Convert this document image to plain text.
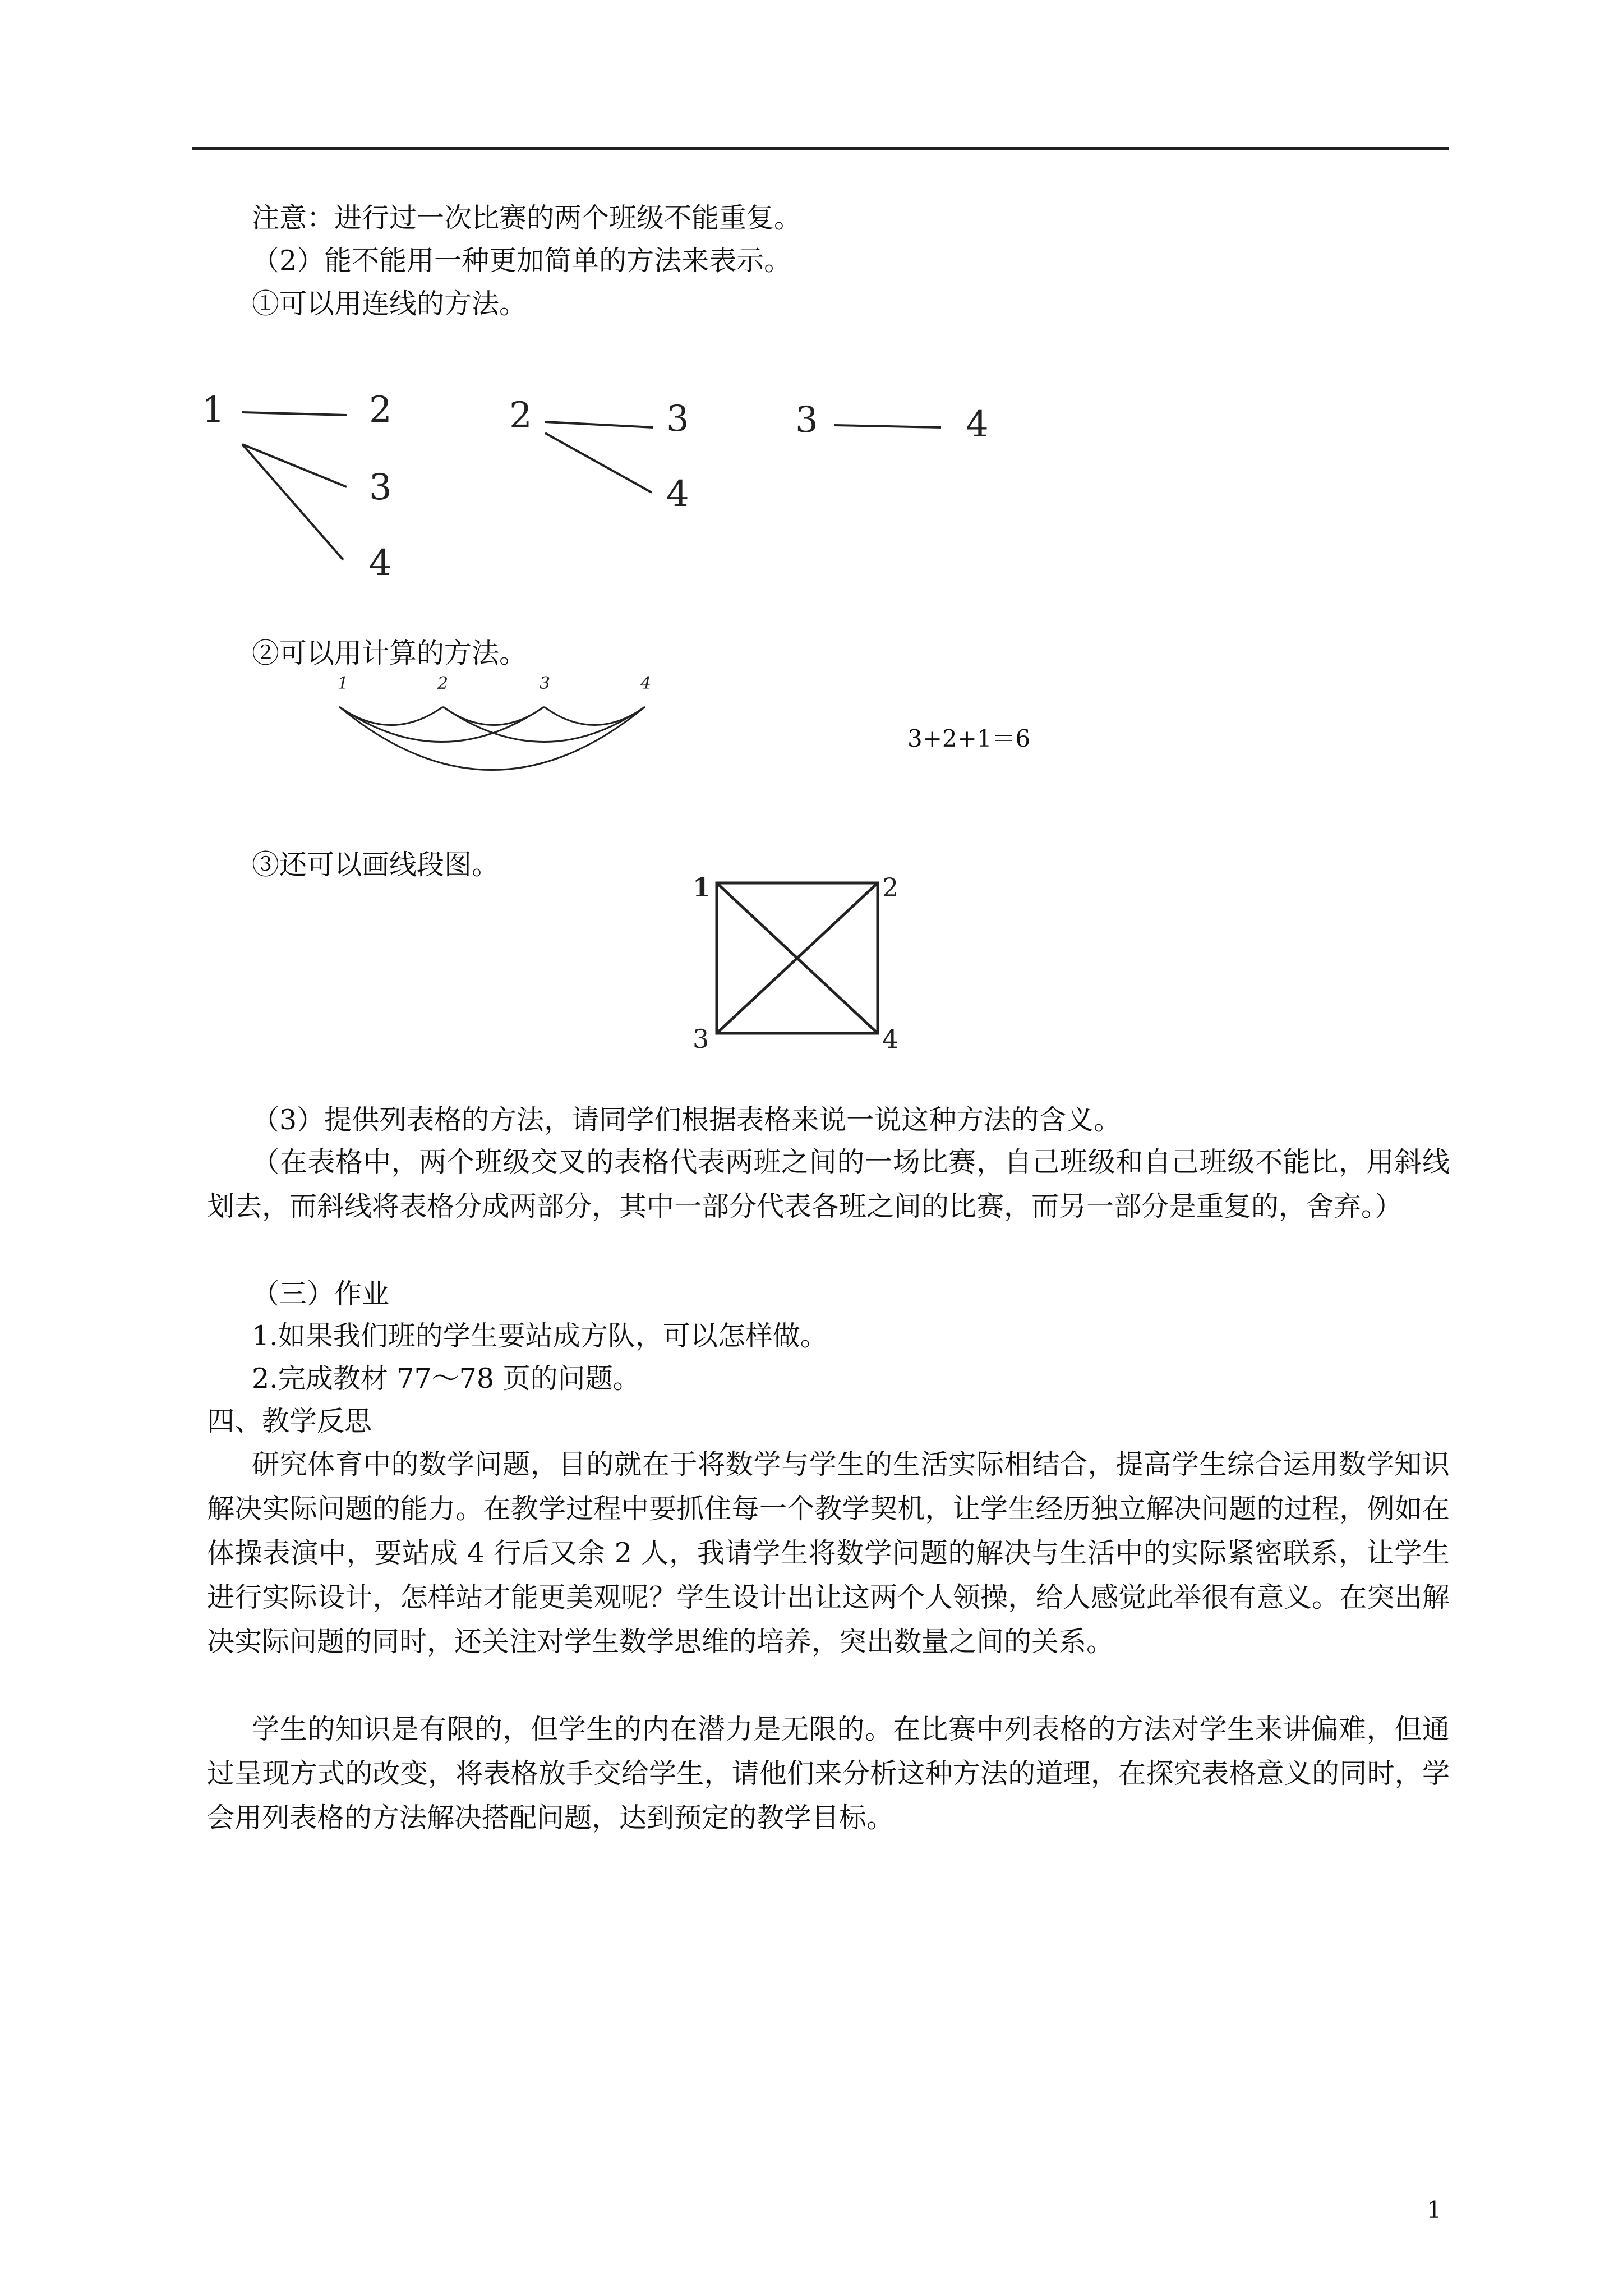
注意：进行过一次比赛的两个班级不能重复。
（2）能不能用一种更加简单的方法来表示。
①可以用连线的方法。
1	2
3
4
2	3
4
3	4
②可以用计算的方法。
1	2	3	4
3+2+1＝6
③还可以画线段图。
1	2
3	4
（3）提供列表格的方法，请同学们根据表格来说一说这种方法的含义。
（在表格中，两个班级交叉的表格代表两班之间的一场比赛，自己班级和自己班级不能比，用斜线划去，而斜线将表格分成两部分，其中一部分代表各班之间的比赛，而另一部分是重复的，舍弃。）
（三）作业
1.如果我们班的学生要站成方队，可以怎样做。
2.完成教材 77～78 页的问题。
四、教学反思
研究体育中的数学问题，目的就在于将数学与学生的生活实际相结合，提高学生综合运用数学知识解决实际问题的能力。在教学过程中要抓住每一个教学契机，让学生经历独立解决问题的过程，例如在体操表演中，要站成 4 行后又余 2 人，我请学生将数学问题的解决与生活中的实际紧密联系，让学生进行实际设计，怎样站才能更美观呢？学生设计出让这两个人领操，给人感觉此举很有意义。在突出解决实际问题的同时，还关注对学生数学思维的培养，突出数量之间的关系。
学生的知识是有限的，但学生的内在潜力是无限的。在比赛中列表格的方法对学生来讲偏难，但通过呈现方式的改变，将表格放手交给学生，请他们来分析这种方法的道理，在探究表格意义的同时，学会用列表格的方法解决搭配问题，达到预定的教学目标。
1
